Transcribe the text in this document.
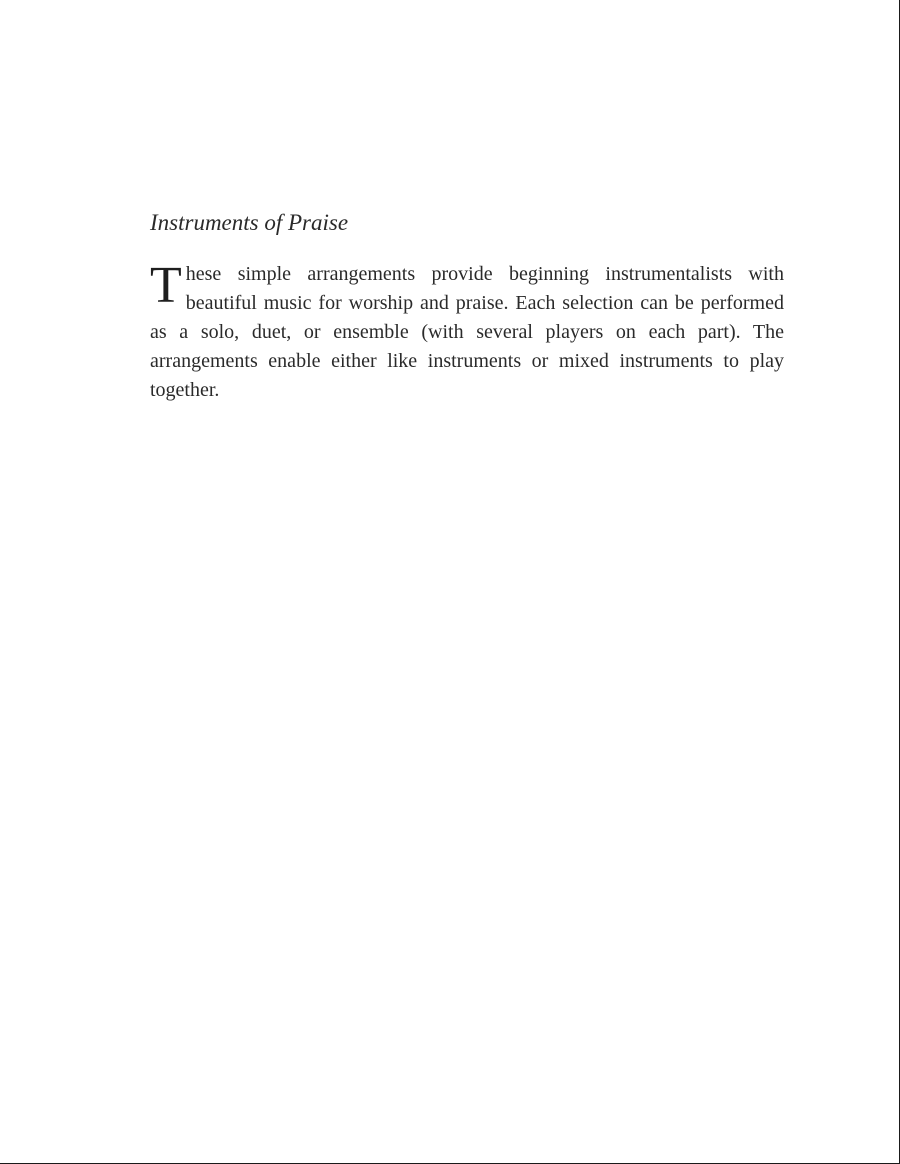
Instruments of Praise

These simple arrangements provide beginning instrumentalists with beautiful music for worship and praise. Each selection can be performed as a solo, duet, or ensemble (with several players on each part). The arrangements enable either like instruments or mixed instruments to play together.
